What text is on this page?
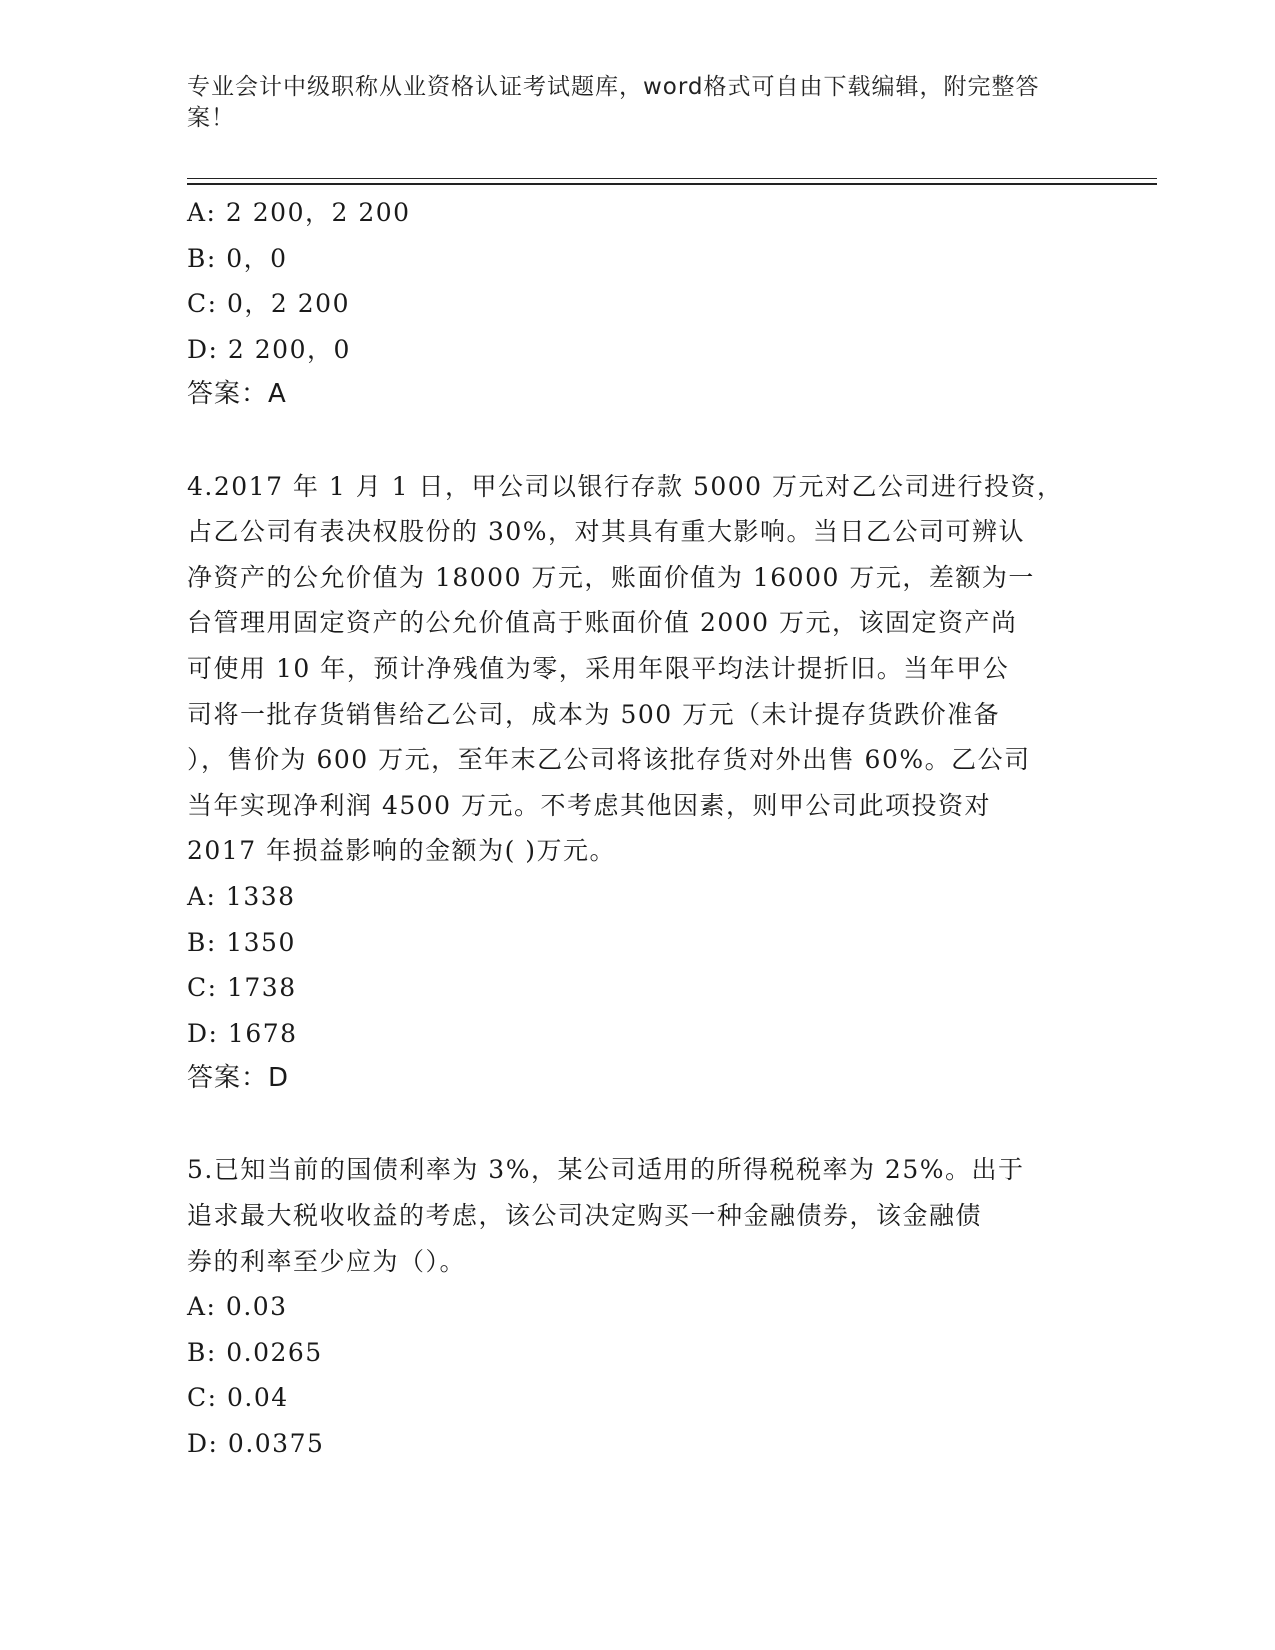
专业会计中级职称从业资格认证考试题库，word格式可自由下载编辑，附完整答
案！
A: 2 200，2 200
B: 0，0
C: 0，2 200
D: 2 200，0
答案：A
4.2017 年 1 月 1 日，甲公司以银行存款 5000 万元对乙公司进行投资，
占乙公司有表决权股份的 30%，对其具有重大影响。当日乙公司可辨认
净资产的公允价值为 18000 万元，账面价值为 16000 万元，差额为一
台管理用固定资产的公允价值高于账面价值 2000 万元，该固定资产尚
可使用 10 年，预计净残值为零，采用年限平均法计提折旧。当年甲公
司将一批存货销售给乙公司，成本为 500 万元（未计提存货跌价准备
），售价为 600 万元，至年末乙公司将该批存货对外出售 60%。乙公司
当年实现净利润 4500 万元。不考虑其他因素，则甲公司此项投资对
2017 年损益影响的金额为( )万元。
A: 1338
B: 1350
C: 1738
D: 1678
答案：D
5.已知当前的国债利率为 3%，某公司适用的所得税税率为 25%。出于
追求最大税收收益的考虑，该公司决定购买一种金融债券，该金融债
券的利率至少应为（）。
A: 0.03
B: 0.0265
C: 0.04
D: 0.0375
